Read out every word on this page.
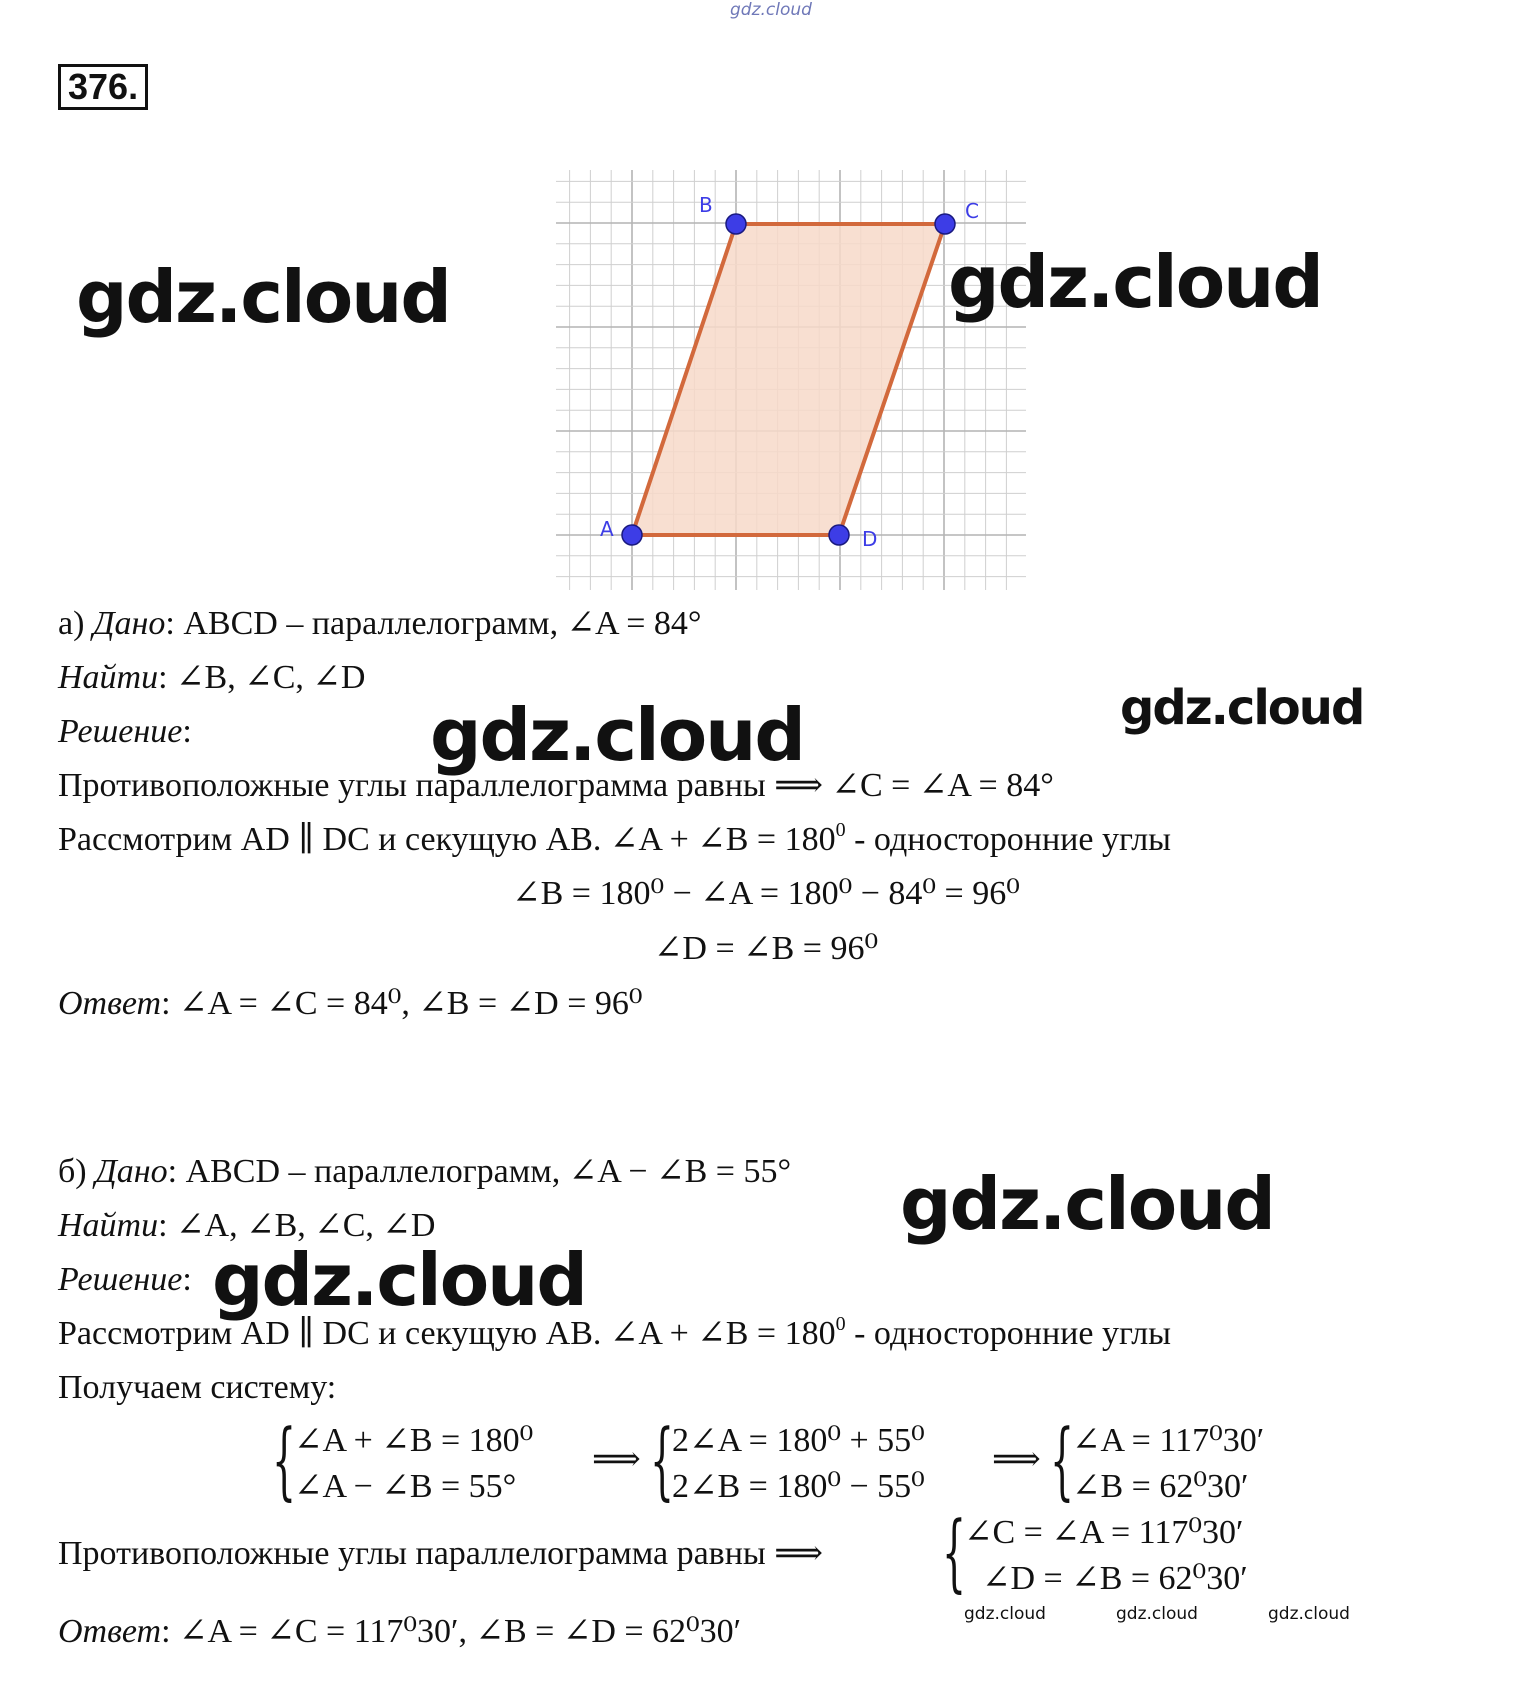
gdz.cloud
376.
A
B	C
D
gdz.cloud	gdz.cloud
gdz.cloud	gdz.cloud
gdz.cloud
gdz.cloud
gdz.cloud	gdz.cloud	gdz.cloud
а) Дано: ABCD – параллелограмм, ∠A = 84°
Найти: ∠B, ∠C, ∠D
Решение:
Противоположные углы параллелограмма равны ⟹ ∠C = ∠A = 84°
Рассмотрим AD ∥ DC и секущую AB. ∠A + ∠B = $180^0$ - односторонние углы
∠B = 180⁰ − ∠A = 180⁰ − 84⁰ = 96⁰
∠D = ∠B = 96⁰
Ответ: ∠A = ∠C = 84⁰, ∠B = ∠D = 96⁰
б) Дано: ABCD – параллелограмм, ∠A − ∠B = 55°
Найти: ∠A, ∠B, ∠C, ∠D
Решение:
Рассмотрим AD ∥ DC и секущую AB. ∠A + ∠B = $180^0$ - односторонние углы
Получаем систему:
{
∠A + ∠B = 180⁰
∠A − ∠B = 55°
⟹ {
2∠A = 180⁰ + 55⁰
2∠B = 180⁰ − 55⁰
⟹ {
∠A = 117⁰30′
∠B = 62⁰30′
Противоположные углы параллелограмма равны ⟹ {
∠C = ∠A = 117⁰30′
∠D = ∠B = 62⁰30′
Ответ: ∠A = ∠C = 117⁰30′, ∠B = ∠D = 62⁰30′
